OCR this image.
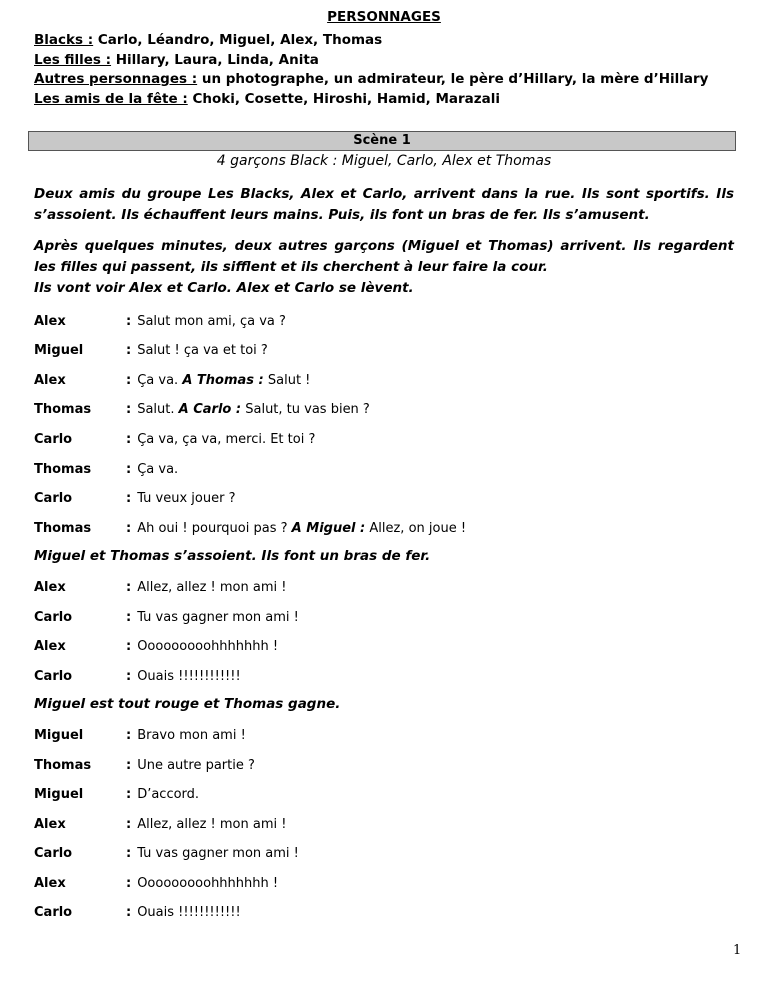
PERSONNAGES
Blacks : Carlo, Léandro, Miguel, Alex, Thomas
Les filles : Hillary, Laura, Linda, Anita
Autres personnages : un photographe, un admirateur, le père d’Hillary, la mère d’Hillary
Les amis de la fête : Choki, Cosette, Hiroshi, Hamid, Marazali
Scène 1
4 garçons Black : Miguel, Carlo, Alex et Thomas
Deux amis du groupe Les Blacks, Alex et Carlo, arrivent dans la rue. Ils sont sportifs. Ils s’assoient. Ils échauffent leurs mains. Puis, ils font un bras de fer. Ils s’amusent.
Après quelques minutes, deux autres garçons (Miguel et Thomas) arrivent. Ils regardent les filles qui passent, ils sifflent et ils cherchent à leur faire la cour.
Ils vont voir Alex et Carlo. Alex et Carlo se lèvent.
Alex	: Salut mon ami, ça va ?
Miguel	: Salut ! ça va et toi ?
Alex	: Ça va. A Thomas : Salut !
Thomas	: Salut. A Carlo : Salut, tu vas bien ?
Carlo	: Ça va, ça va, merci. Et toi ?
Thomas	: Ça va.
Carlo	: Tu veux jouer ?
Thomas	: Ah oui ! pourquoi pas ? A Miguel : Allez, on joue !
Miguel et Thomas s’assoient. Ils font un bras de fer.
Alex	: Allez, allez ! mon ami !
Carlo	: Tu vas gagner mon ami !
Alex	: Ooooooooohhhhhhh !
Carlo	: Ouais !!!!!!!!!!!!
Miguel est tout rouge et Thomas gagne.
Miguel	: Bravo mon ami !
Thomas	: Une autre partie ?
Miguel	: D’accord.
Alex	: Allez, allez ! mon ami !
Carlo	: Tu vas gagner mon ami !
Alex	: Ooooooooohhhhhhh !
Carlo	: Ouais !!!!!!!!!!!!
1
